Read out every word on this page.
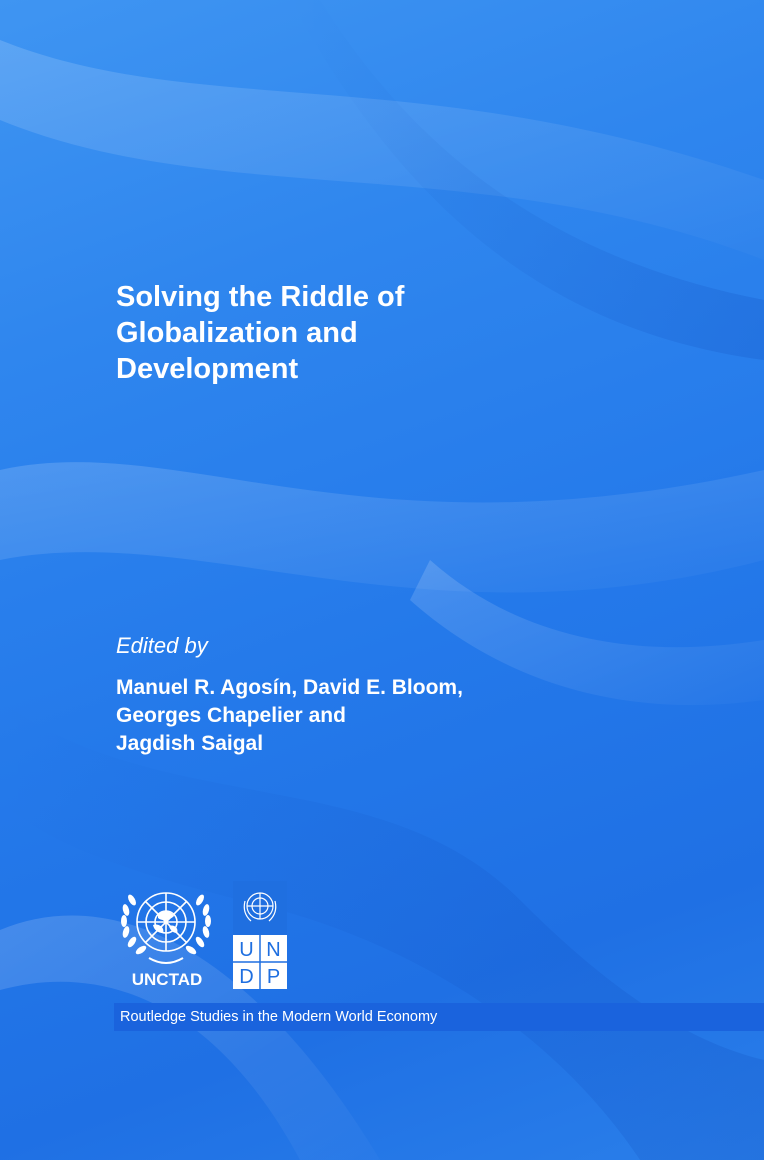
Solving the Riddle of
Globalization and
Development
Edited by
Manuel R. Agosín, David E. Bloom,
Georges Chapelier and
Jagdish Saigal
UNCTAD
U N
D P
Routledge Studies in the Modern World Economy
